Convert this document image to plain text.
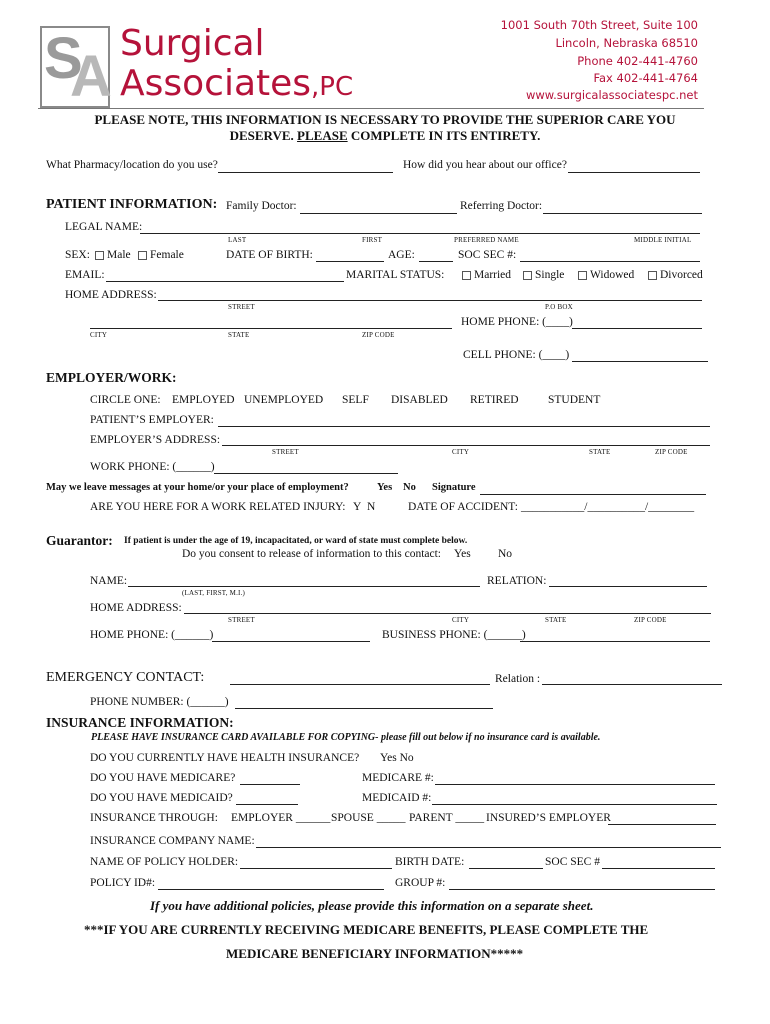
S
A
Surgical
Associates,PC
1001 South 70th Street, Suite 100
Lincoln, Nebraska 68510
Phone 402-441-4760
Fax 402-441-4764
www.surgicalassociatespc.net
PLEASE NOTE, THIS INFORMATION IS NECESSARY TO PROVIDE THE SUPERIOR CARE YOU
DESERVE. PLEASE COMPLETE IN ITS ENTIRETY.
What Pharmacy/location do you use?	How did you hear about our office?
PATIENT INFORMATION: Family Doctor:	Referring Doctor:
LEGAL NAME:
LAST	FIRST	PREFERRED NAME	MIDDLE INITIAL
SEX:	Male	Female	DATE OF BIRTH:	AGE:	SOC SEC #:
EMAIL:	MARITAL STATUS:	Married	Single	Widowed	Divorced
HOME ADDRESS:
STREET	P.O BOX
HOME PHONE: (____)
CITY	STATE	ZIP CODE
CELL PHONE: (____)
EMPLOYER/WORK:
CIRCLE ONE: EMPLOYED UNEMPLOYED SELF DISABLED RETIRED	STUDENT
PATIENT’S EMPLOYER:
EMPLOYER’S ADDRESS:
STREET	CITY	STATE	ZIP CODE
WORK PHONE: (______)
May we leave messages at your home/or your place of employment?	Yes No Signature
ARE YOU HERE FOR A WORK RELATED INJURY: Y N	DATE OF ACCIDENT: ___________/__________/________
Guarantor: If patient is under the age of 19, incapacitated, or ward of state must complete below.
Do you consent to release of information to this contact: Yes No
NAME:
(LAST, FIRST, M.I.)
RELATION:
HOME ADDRESS:
STREET	CITY	STATE	ZIP CODE
HOME PHONE: (______)	BUSINESS PHONE: (______)
EMERGENCY CONTACT:	Relation :
PHONE NUMBER: (______)
INSURANCE INFORMATION:
PLEASE HAVE INSURANCE CARD AVAILABLE FOR COPYING- please fill out below if no insurance card is available.
DO YOU CURRENTLY HAVE HEALTH INSURANCE? Yes No
DO YOU HAVE MEDICARE?	MEDICARE #:
DO YOU HAVE MEDICAID?	MEDICAID #:
INSURANCE THROUGH: EMPLOYER ______ SPOUSE _____ PARENT _____ INSURED’S EMPLOYER
INSURANCE COMPANY NAME:
NAME OF POLICY HOLDER:	BIRTH DATE:	SOC SEC #
POLICY ID#:	GROUP #:
If you have additional policies, please provide this information on a separate sheet.
***IF YOU ARE CURRENTLY RECEIVING MEDICARE BENEFITS, PLEASE COMPLETE THE
MEDICARE BENEFICIARY INFORMATION*****
